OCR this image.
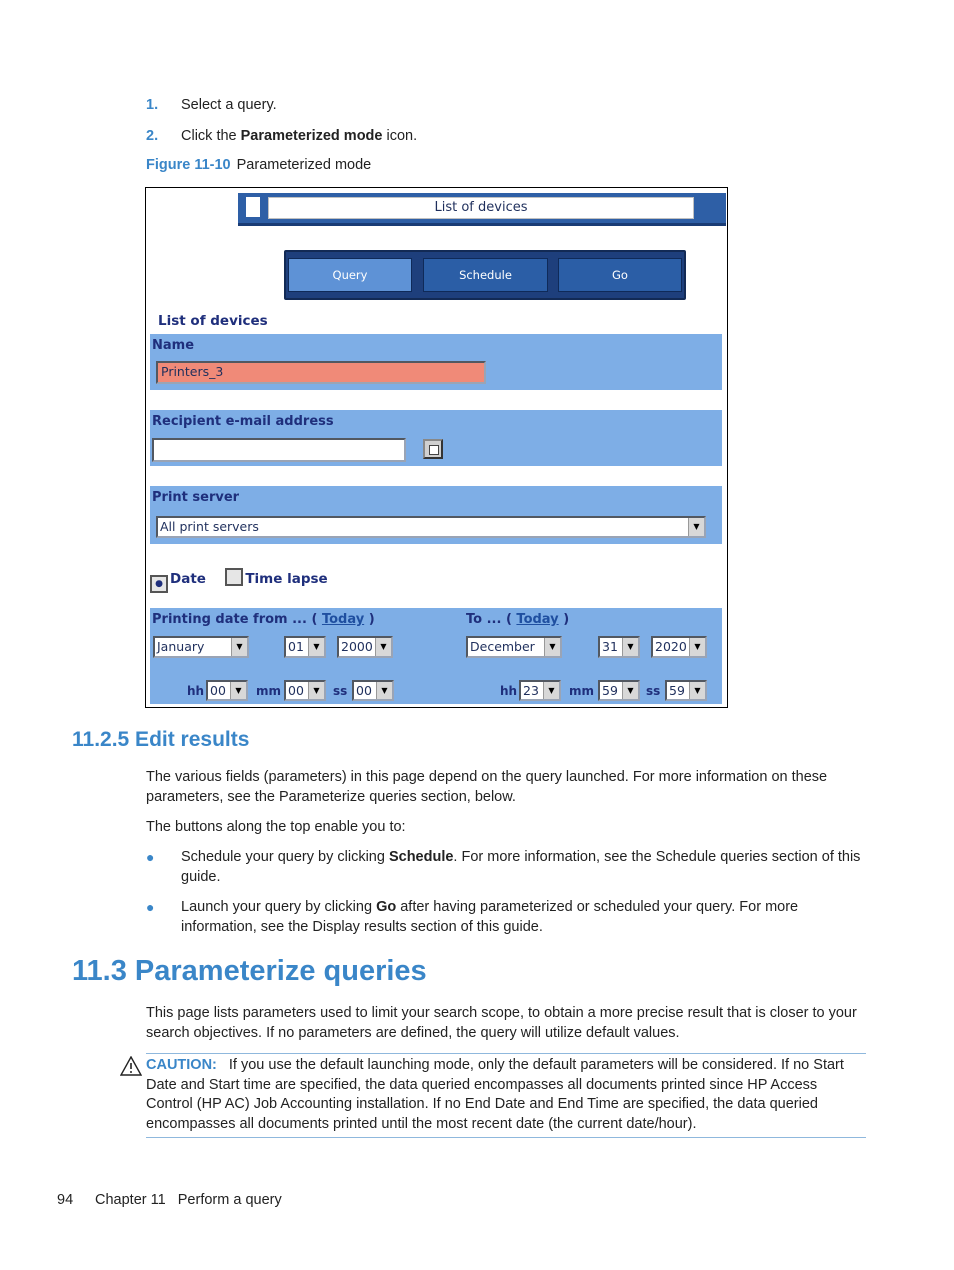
1. Select a query.
2. Click the Parameterized mode icon.
Figure 11-10 Parameterized mode
List of devices
Query	Schedule	Go
List of devices
Name
Printers_3
Recipient e-mail address
Print server
All print servers	▼
● Date	Time lapse
Printing date from ... ( Today )	To ... ( Today )
January	▼	01	▼	2000 ▼	December	▼	31	▼	2020 ▼
hh 00	▼	mm 00	▼	ss 00	▼	hh 23	▼	mm 59	▼	ss 59	▼
11.2.5 Edit results
The various fields (parameters) in this page depend on the query launched. For more information on these parameters, see the Parameterize queries section, below.
The buttons along the top enable you to:
● Schedule your query by clicking Schedule. For more information, see the Schedule queries section of this guide.
● Launch your query by clicking Go after having parameterized or scheduled your query. For more information, see the Display results section of this guide.
11.3 Parameterize queries
This page lists parameters used to limit your search scope, to obtain a more precise result that is closer to your search objectives. If no parameters are defined, the query will utilize default values.
CAUTION: If you use the default launching mode, only the default parameters will be considered. If no Start Date and Start time are specified, the data queried encompasses all documents printed since HP Access Control (HP AC) Job Accounting installation. If no End Date and End Time are specified, the data queried encompasses all documents printed until the most recent date (the current date/hour).
94 Chapter 11   Perform a query
